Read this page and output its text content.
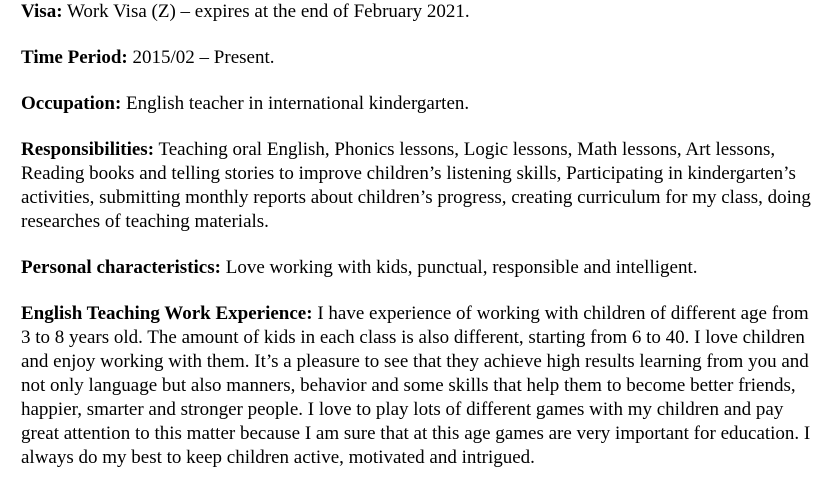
Visa: Work Visa (Z) – expires at the end of February 2021.

Time Period: 2015/02 – Present.

Occupation: English teacher in international kindergarten.

Responsibilities: Teaching oral English, Phonics lessons, Logic lessons, Math lessons, Art lessons, Reading books and telling stories to improve children’s listening skills, Participating in kindergarten’s activities, submitting monthly reports about children’s progress, creating curriculum for my class, doing researches of teaching materials.

Personal characteristics: Love working with kids, punctual, responsible and intelligent.

English Teaching Work Experience: I have experience of working with children of different age from 3 to 8 years old. The amount of kids in each class is also different, starting from 6 to 40. I love children and enjoy working with them. It’s a pleasure to see that they achieve high results learning from you and not only language but also manners, behavior and some skills that help them to become better friends, happier, smarter and stronger people. I love to play lots of different games with my children and pay great attention to this matter because I am sure that at this age games are very important for education. I always do my best to keep children active, motivated and intrigued.
